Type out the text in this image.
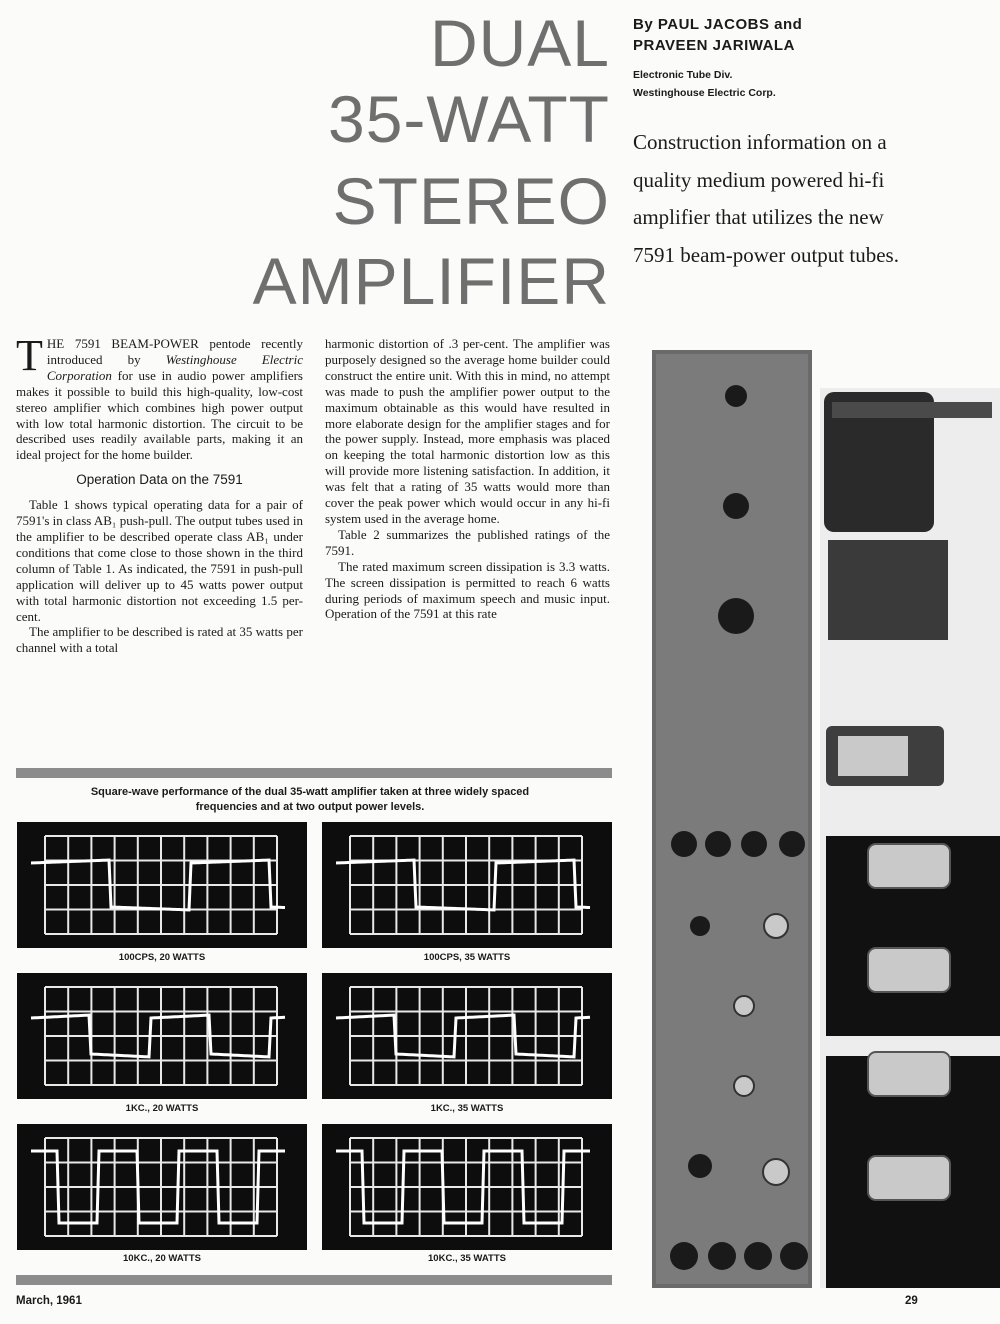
DUAL
35-WATT
STEREO
AMPLIFIER
By PAUL JACOBS and
PRAVEEN JARIWALA
Electronic Tube Div.
Westinghouse Electric Corp.
Construction information on a quality medium powered hi-fi amplifier that utilizes the new 7591 beam-power output tubes.

THE 7591 BEAM-POWER pentode recently introduced by Westinghouse Electric Corporation for use in audio power amplifiers makes it possible to build this high-quality, low-cost stereo amplifier which combines high power output with low total harmonic distortion. The circuit to be described uses readily available parts, making it an ideal project for the home builder.

Operation Data on the 7591

Table 1 shows typical operating data for a pair of 7591's in class AB₁ push-pull. The output tubes used in the amplifier to be described operate class AB₁ under conditions that come close to those shown in the third column of Table 1. As indicated, the 7591 in push-pull application will deliver up to 45 watts power output with total harmonic distortion not exceeding 1.5 per-cent.

The amplifier to be described is rated at 35 watts per channel with a total

harmonic distortion of .3 per-cent. The amplifier was purposely designed so the average home builder could construct the entire unit. With this in mind, no attempt was made to push the amplifier power output to the maximum obtainable as this would have resulted in more elaborate design for the amplifier stages and for the power supply. Instead, more emphasis was placed on keeping the total harmonic distortion low as this will provide more listening satisfaction. In addition, it was felt that a rating of 35 watts would more than cover the peak power which would occur in any hi-fi system used in the average home.

Table 2 summarizes the published ratings of the 7591.

The rated maximum screen dissipation is 3.3 watts. The screen dissipation is permitted to reach 6 watts during periods of maximum speech and music input. Operation of the 7591 at this rate

Square-wave performance of the dual 35-watt amplifier taken at three widely spaced frequencies and at two output power levels.
100CPS, 20 WATTS	100CPS, 35 WATTS
1KC., 20 WATTS	1KC., 35 WATTS
10KC., 20 WATTS	10KC., 35 WATTS
March, 1961	29
